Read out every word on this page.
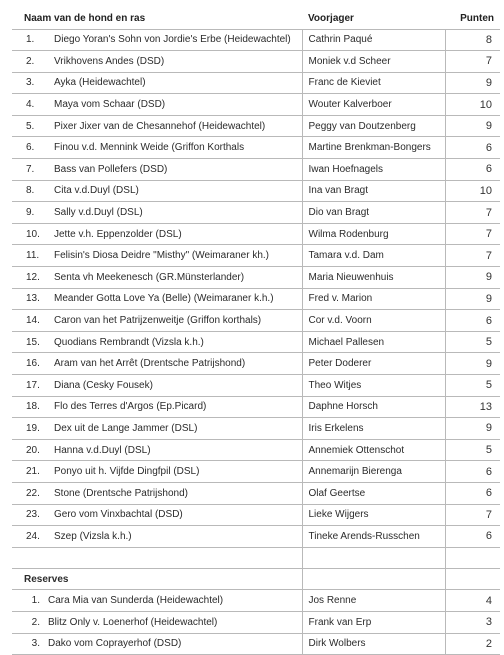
Naam van de hond en ras	Voorjager	Punten
1. Diego Yoran's Sohn von Jordie's Erbe (Heidewachtel)	Cathrin Paqué	8
2. Vrikhovens Andes (DSD)	Moniek v.d Scheer	7
3. Ayka (Heidewachtel)	Franc de Kieviet	9
4. Maya vom Schaar (DSD)	Wouter Kalverboer	10
5. Pixer Jixer van de Chesannehof (Heidewachtel)	Peggy van Doutzenberg	9
6. Finou v.d. Mennink Weide (Griffon Korthals	Martine Brenkman-Bongers	6
7. Bass van Pollefers (DSD)	Iwan Hoefnagels	6
8. Cita v.d.Duyl (DSL)	Ina van Bragt	10
9. Sally v.d.Duyl (DSL)	Dio van Bragt	7
10. Jette v.h. Eppenzolder (DSL)	Wilma Rodenburg	7
11. Felisin's Diosa Deidre "Misthy" (Weimaraner kh.)	Tamara v.d. Dam	7
12. Senta vh Meekenesch (GR.Münsterlander)	Maria Nieuwenhuis	9
13. Meander Gotta Love Ya (Belle) (Weimaraner k.h.)	Fred v. Marion	9
14. Caron van het Patrijzenweitje (Griffon korthals)	Cor v.d. Voorn	6
15. Quodians Rembrandt (Vizsla k.h.)	Michael Pallesen	5
16. Aram van het Arrêt (Drentsche Patrijshond)	Peter Doderer	9
17. Diana (Cesky Fousek)	Theo Witjes	5
18. Flo des Terres d'Argos (Ep.Picard)	Daphne Horsch	13
19. Dex uit de Lange Jammer (DSL)	Iris Erkelens	9
20. Hanna v.d.Duyl (DSL)	Annemiek Ottenschot	5
21. Ponyo uit h. Vijfde Dingfpil (DSL)	Annemarijn Bierenga	6
22. Stone (Drentsche Patrijshond)	Olaf Geertse	6
23. Gero vom Vinxbachtal (DSD)	Lieke Wijgers	7
24. Szep (Vizsla k.h.)	Tineke Arends-Russchen	6

Reserves		
1. Cara Mia van Sunderda (Heidewachtel)	Jos Renne	4
2. Blitz Only v. Loenerhof (Heidewachtel)	Frank van Erp	3
3. Dako vom Coprayerhof (DSD)	Dirk Wolbers	2
